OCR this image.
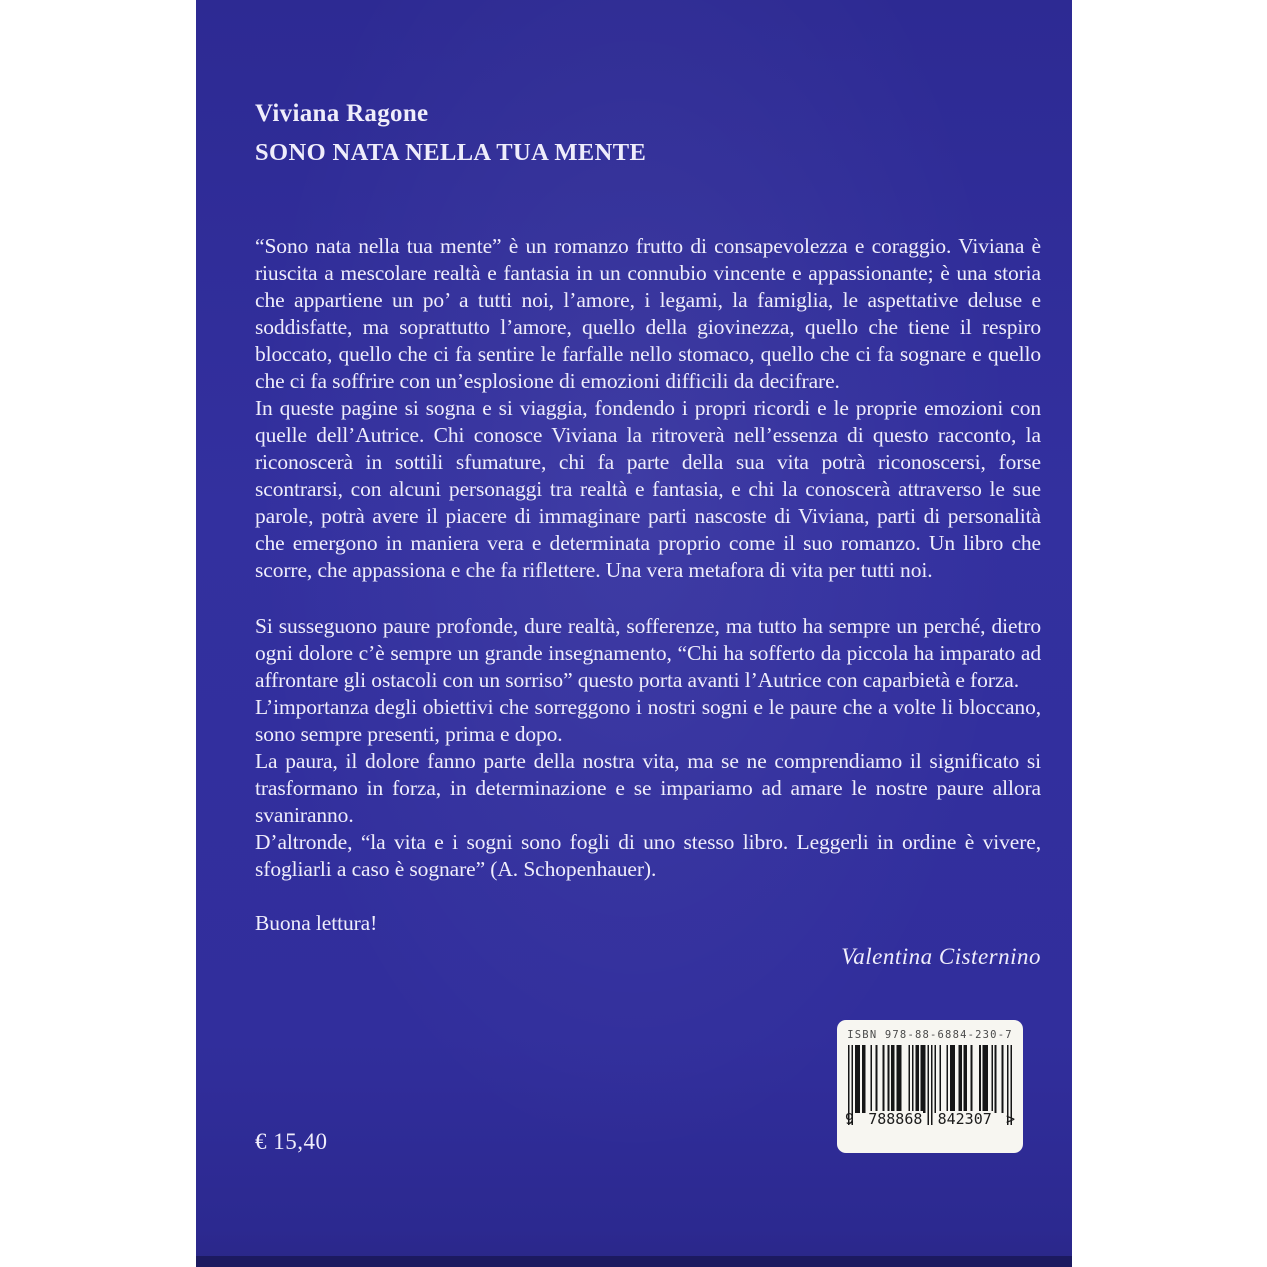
Viviana Ragone
SONO NATA NELLA TUA MENTE

“Sono nata nella tua mente” è un romanzo frutto di consapevolezza e coraggio. Viviana è riuscita a mescolare realtà e fantasia in un connubio vincente e appassionante; è una storia che appartiene un po’ a tutti noi, l’amore, i legami, la famiglia, le aspettative deluse e soddisfatte, ma soprattutto l’amore, quello della giovinezza, quello che tiene il respiro bloccato, quello che ci fa sentire le farfalle nello stomaco, quello che ci fa sognare e quello che ci fa soffrire con un’esplosione di emozioni difficili da decifrare.

In queste pagine si sogna e si viaggia, fondendo i propri ricordi e le proprie emozioni con quelle dell’Autrice. Chi conosce Viviana la ritroverà nell’essenza di questo racconto, la riconoscerà in sottili sfumature, chi fa parte della sua vita potrà riconoscersi, forse scontrarsi, con alcuni personaggi tra realtà e fantasia, e chi la conoscerà attraverso le sue parole, potrà avere il piacere di immaginare parti nascoste di Viviana, parti di personalità che emergono in maniera vera e determinata proprio come il suo romanzo. Un libro che scorre, che appassiona e che fa riflettere. Una vera metafora di vita per tutti noi.

Si susseguono paure profonde, dure realtà, sofferenze, ma tutto ha sempre un perché, dietro ogni dolore c’è sempre un grande insegnamento, “Chi ha sofferto da piccola ha imparato ad affrontare gli ostacoli con un sorriso” questo porta avanti l’Autrice con caparbietà e forza.

L’importanza degli obiettivi che sorreggono i nostri sogni e le paure che a volte li bloccano, sono sempre presenti, prima e dopo.

La paura, il dolore fanno parte della nostra vita, ma se ne comprendiamo il significato si trasformano in forza, in determinazione e se impariamo ad amare le nostre paure allora svaniranno.

D’altronde, “la vita e i sogni sono fogli di uno stesso libro. Leggerli in ordine è vivere, sfogliarli a caso è sognare” (A. Schopenhauer).

Buona lettura!

Valentina Cisternino
€ 15,40
ISBN 978-88-6884-230-7
9 788868 842307 >
